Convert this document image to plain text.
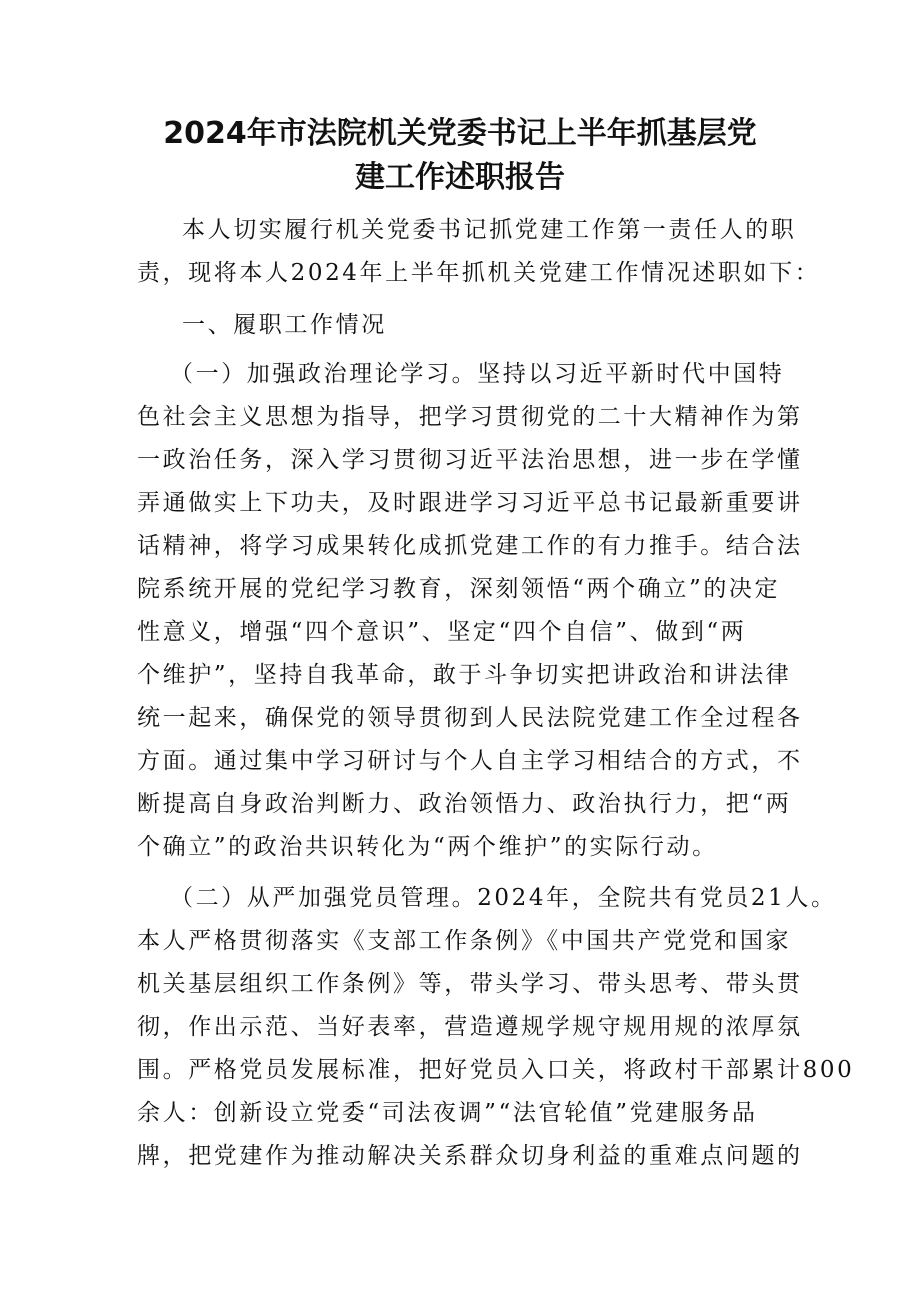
2024年市法院机关党委书记上半年抓基层党
建工作述职报告
本人切实履行机关党委书记抓党建工作第一责任人的职
责，现将本人2024年上半年抓机关党建工作情况述职如下：
一、履职工作情况
（一）加强政治理论学习。坚持以习近平新时代中国特
色社会主义思想为指导，把学习贯彻党的二十大精神作为第
一政治任务，深入学习贯彻习近平法治思想，进一步在学懂
弄通做实上下功夫，及时跟进学习习近平总书记最新重要讲
话精神，将学习成果转化成抓党建工作的有力推手。结合法
院系统开展的党纪学习教育，深刻领悟“两个确立”的决定
性意义，增强“四个意识”、坚定“四个自信”、做到“两
个维护”，坚持自我革命，敢于斗争切实把讲政治和讲法律
统一起来，确保党的领导贯彻到人民法院党建工作全过程各
方面。通过集中学习研讨与个人自主学习相结合的方式，不
断提高自身政治判断力、政治领悟力、政治执行力，把“两
个确立”的政治共识转化为“两个维护”的实际行动。
（二）从严加强党员管理。2024年，全院共有党员21人。
本人严格贯彻落实《支部工作条例》《中国共产党党和国家
机关基层组织工作条例》等，带头学习、带头思考、带头贯
彻，作出示范、当好表率，营造遵规学规守规用规的浓厚氛
围。严格党员发展标准，把好党员入口关，将政村干部累计800
余人：创新设立党委“司法夜调”“法官轮值”党建服务品
牌，把党建作为推动解决关系群众切身利益的重难点问题的
